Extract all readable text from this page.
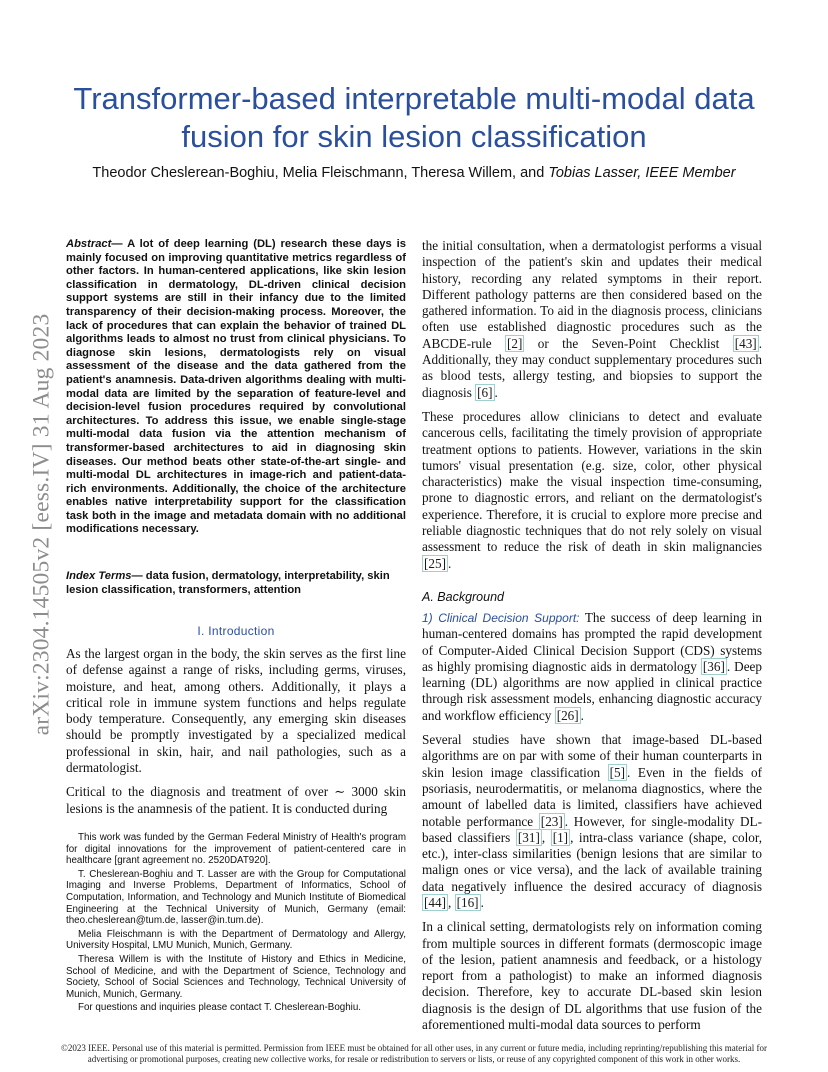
arXiv:2304.14505v2 [eess.IV] 31 Aug 2023
Transformer-based interpretable multi-modal data fusion for skin lesion classification
Theodor Cheslerean-Boghiu, Melia Fleischmann, Theresa Willem, and Tobias Lasser, IEEE Member

Abstract— A lot of deep learning (DL) research these days is mainly focused on improving quantitative metrics regardless of other factors. In human-centered applications, like skin lesion classification in dermatology, DL-driven clinical decision support systems are still in their infancy due to the limited transparency of their decision-making process. Moreover, the lack of procedures that can explain the behavior of trained DL algorithms leads to almost no trust from clinical physicians. To diagnose skin lesions, dermatologists rely on visual assessment of the disease and the data gathered from the patient's anamnesis. Data-driven algorithms dealing with multi-modal data are limited by the separation of feature-level and decision-level fusion procedures required by convolutional architectures. To address this issue, we enable single-stage multi-modal data fusion via the attention mechanism of transformer-based architectures to aid in diagnosing skin diseases. Our method beats other state-of-the-art single- and multi-modal DL architectures in image-rich and patient-data-rich environments. Additionally, the choice of the architecture enables native interpretability support for the classification task both in the image and metadata domain with no additional modifications necessary.

Index Terms— data fusion, dermatology, interpretability, skin lesion classification, transformers, attention

I. Introduction

As the largest organ in the body, the skin serves as the first line of defense against a range of risks, including germs, viruses, moisture, and heat, among others. Additionally, it plays a critical role in immune system functions and helps regulate body temperature. Consequently, any emerging skin diseases should be promptly investigated by a specialized medical professional in skin, hair, and nail pathologies, such as a dermatologist.

Critical to the diagnosis and treatment of over ∼ 3000 skin lesions is the anamnesis of the patient. It is conducted during

This work was funded by the German Federal Ministry of Health's program for digital innovations for the improvement of patient-centered care in healthcare [grant agreement no. 2520DAT920].

T. Cheslerean-Boghiu and T. Lasser are with the Group for Computational Imaging and Inverse Problems, Department of Informatics, School of Computation, Information, and Technology and Munich Institute of Biomedical Engineering at the Technical University of Munich, Germany (email: theo.cheslerean@tum.de, lasser@in.tum.de).

Melia Fleischmann is with the Department of Dermatology and Allergy, University Hospital, LMU Munich, Munich, Germany.

Theresa Willem is with the Institute of History and Ethics in Medicine, School of Medicine, and with the Department of Science, Technology and Society, School of Social Sciences and Technology, Technical University of Munich, Munich, Germany.

For questions and inquiries please contact T. Cheslerean-Boghiu.

the initial consultation, when a dermatologist performs a visual inspection of the patient's skin and updates their medical history, recording any related symptoms in their report. Different pathology patterns are then considered based on the gathered information. To aid in the diagnosis process, clinicians often use established diagnostic procedures such as the ABCDE-rule [2] or the Seven-Point Checklist [43] . Additionally, they may conduct supplementary procedures such as blood tests, allergy testing, and biopsies to support the diagnosis [6] .

These procedures allow clinicians to detect and evaluate cancerous cells, facilitating the timely provision of appropriate treatment options to patients. However, variations in the skin tumors' visual presentation (e.g. size, color, other physical characteristics) make the visual inspection time-consuming, prone to diagnostic errors, and reliant on the dermatologist's experience. Therefore, it is crucial to explore more precise and reliable diagnostic techniques that do not rely solely on visual assessment to reduce the risk of death in skin malignancies [25] .

A. Background

1) Clinical Decision Support: The success of deep learning in human-centered domains has prompted the rapid development of Computer-Aided Clinical Decision Support (CDS) systems as highly promising diagnostic aids in dermatology [36] . Deep learning (DL) algorithms are now applied in clinical practice through risk assessment models, enhancing diagnostic accuracy and workflow efficiency [26] .

Several studies have shown that image-based DL-based algorithms are on par with some of their human counterparts in skin lesion image classification [5] . Even in the fields of psoriasis, neurodermatitis, or melanoma diagnostics, where the amount of labelled data is limited, classifiers have achieved notable performance [23] . However, for single-modality DL-based classifiers [31] , [1] , intra-class variance (shape, color, etc.), inter-class similarities (benign lesions that are similar to malign ones or vice versa), and the lack of available training data negatively influence the desired accuracy of diagnosis [44] , [16] .

In a clinical setting, dermatologists rely on information coming from multiple sources in different formats (dermoscopic image of the lesion, patient anamnesis and feedback, or a histology report from a pathologist) to make an informed diagnosis decision. Therefore, key to accurate DL-based skin lesion diagnosis is the design of DL algorithms that use fusion of the aforementioned multi-modal data sources to perform

©2023 IEEE. Personal use of this material is permitted. Permission from IEEE must be obtained for all other uses, in any current or future media, including reprinting/republishing this material for advertising or promotional purposes, creating new collective works, for resale or redistribution to servers or lists, or reuse of any copyrighted component of this work in other works.
